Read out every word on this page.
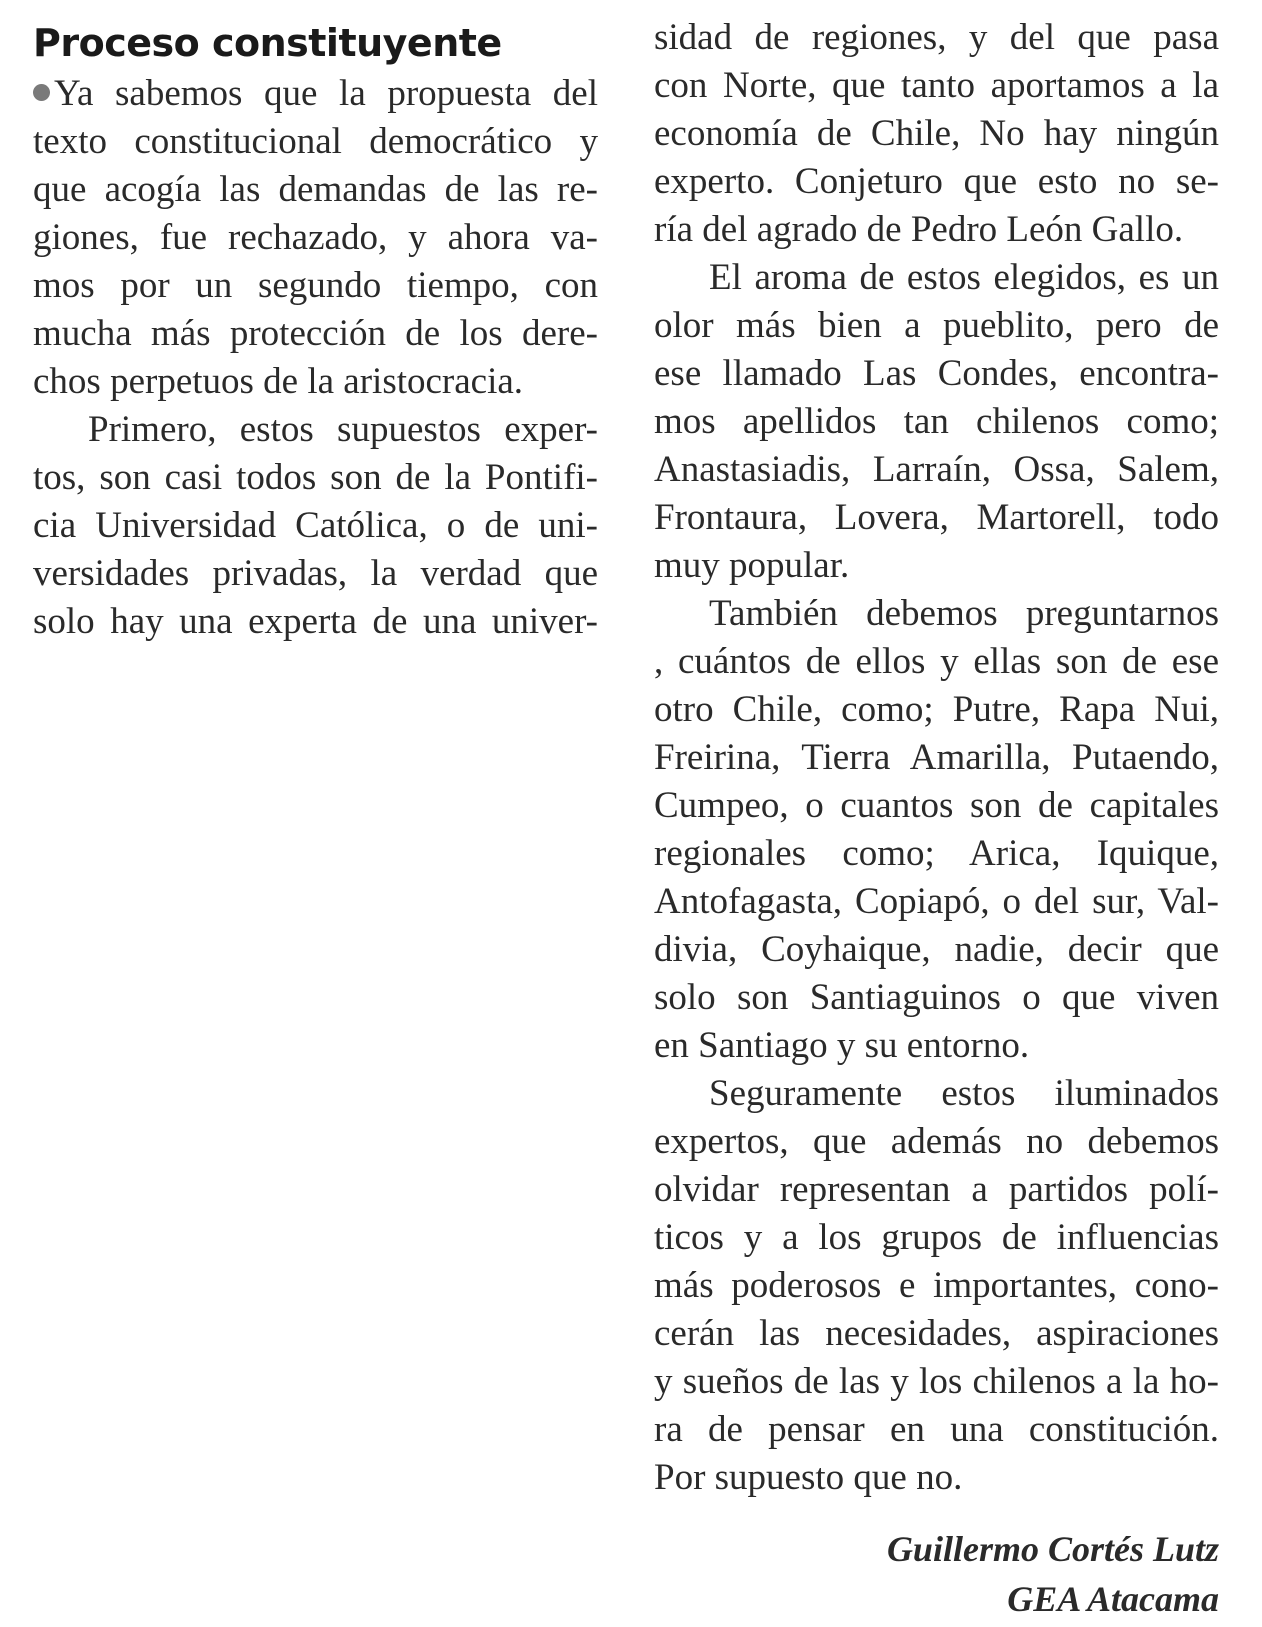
Proceso constituyente
Ya sabemos que la propuesta del
texto constitucional democrático y
que acogía las demandas de las re-
giones, fue rechazado, y ahora va-
mos por un segundo tiempo, con
mucha más protección de los dere-
chos perpetuos de la aristocracia.
Primero, estos supuestos exper-
tos, son casi todos son de la Pontifi-
cia Universidad Católica, o de uni-
versidades privadas, la verdad que
solo hay una experta de una univer-
sidad de regiones, y del que pasa
con Norte, que tanto aportamos a la
economía de Chile, No hay ningún
experto. Conjeturo que esto no se-
ría del agrado de Pedro León Gallo.
El aroma de estos elegidos, es un
olor más bien a pueblito, pero de
ese llamado Las Condes, encontra-
mos apellidos tan chilenos como;
Anastasiadis, Larraín, Ossa, Salem,
Frontaura, Lovera, Martorell, todo
muy popular.
También debemos preguntarnos
, cuántos de ellos y ellas son de ese
otro Chile, como; Putre, Rapa Nui,
Freirina, Tierra Amarilla, Putaendo,
Cumpeo, o cuantos son de capitales
regionales como; Arica, Iquique,
Antofagasta, Copiapó, o del sur, Val-
divia, Coyhaique, nadie, decir que
solo son Santiaguinos o que viven
en Santiago y su entorno.
Seguramente estos iluminados
expertos, que además no debemos
olvidar representan a partidos polí-
ticos y a los grupos de influencias
más poderosos e importantes, cono-
cerán las necesidades, aspiraciones
y sueños de las y los chilenos a la ho-
ra de pensar en una constitución.
Por supuesto que no.
Guillermo Cortés Lutz
GEA Atacama
